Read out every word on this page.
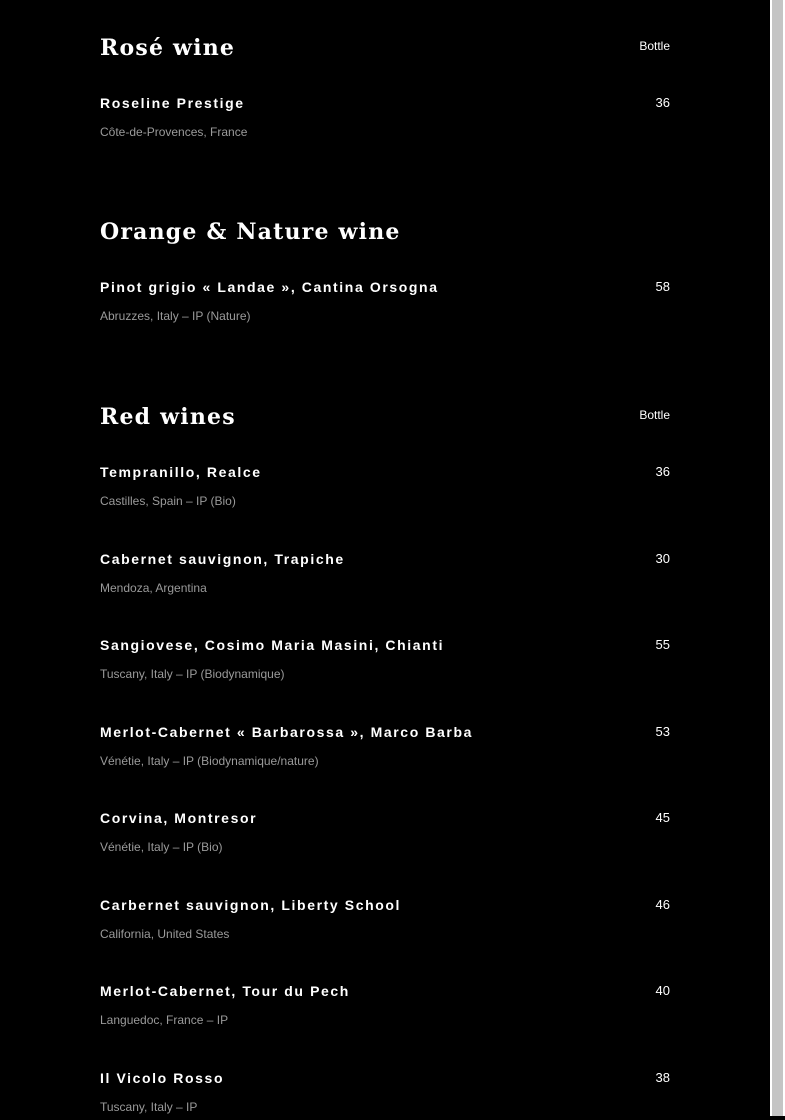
Rosé wine	Bottle
Roseline Prestige	36
Côte-de-Provences, France
Orange & Nature wine
Pinot grigio « Landae », Cantina Orsogna	58
Abruzzes, Italy – IP (Nature)
Red wines	Bottle
Tempranillo, Realce	36
Castilles, Spain – IP (Bio)
Cabernet sauvignon, Trapiche	30
Mendoza, Argentina
Sangiovese, Cosimo Maria Masini, Chianti	55
Tuscany, Italy – IP (Biodynamique)
Merlot-Cabernet « Barbarossa », Marco Barba	53
Vénétie, Italy – IP (Biodynamique/nature)
Corvina, Montresor	45
Vénétie, Italy – IP (Bio)
Carbernet sauvignon, Liberty School	46
California, United States
Merlot-Cabernet, Tour du Pech	40
Languedoc, France – IP
Il Vicolo Rosso	38
Tuscany, Italy – IP
